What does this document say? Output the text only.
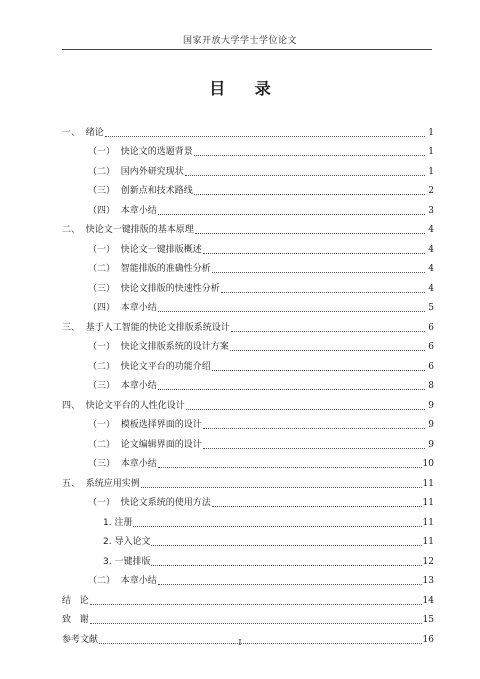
国家开放大学学士学位论文
目 录
一、  绪论	1
（一）  快论文的选题背景	1
（二）  国内外研究现状	1
（三）  创新点和技术路线	2
（四）  本章小结	3
二、  快论文一键排版的基本原理	4
（一）  快论文一键排版概述	4
（二）  智能排版的准确性分析	4
（三）  快论文排版的快速性分析	4
（四）  本章小结	5
三、  基于人工智能的快论文排版系统设计	6
（一）  快论文排版系统的设计方案	6
（二）  快论文平台的功能介绍	6
（三）  本章小结	8
四、  快论文平台的人性化设计	9
（一）  模板选择界面的设计	9
（二）  论文编辑界面的设计	9
（三）  本章小结	10
五、  系统应用实例	11
（一）  快论文系统的使用方法	11
1. 注册	11
2. 导入论文	11
3. 一键排版	12
（二）  本章小结	13
结   论	14
致   谢	15
参考文献	16
I
